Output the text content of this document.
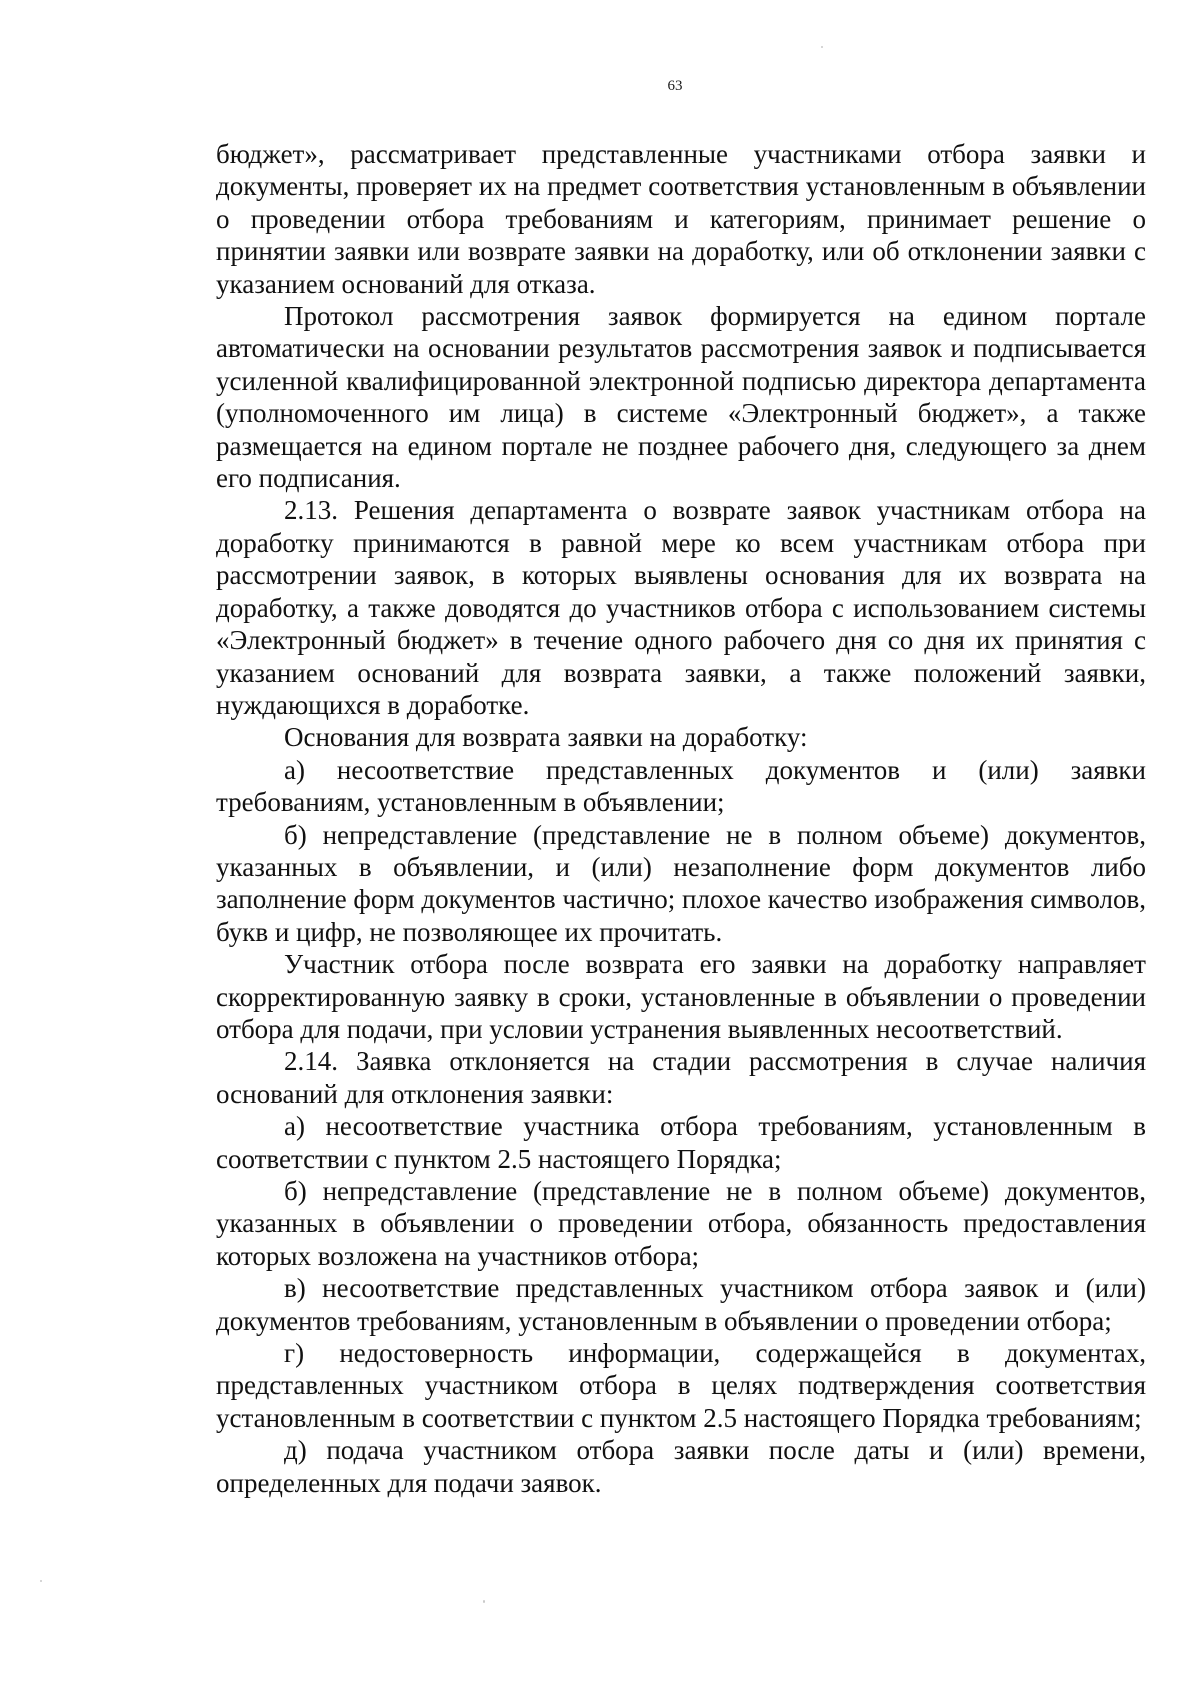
63

бюджет», рассматривает представленные участниками отбора заявки и документы, проверяет их на предмет соответствия установленным в объявлении о проведении отбора требованиям и категориям, принимает решение о принятии заявки или возврате заявки на доработку, или об отклонении заявки с указанием оснований для отказа.

Протокол рассмотрения заявок формируется на едином портале автоматически на основании результатов рассмотрения заявок и подписывается усиленной квалифицированной электронной подписью директора департамента (уполномоченного им лица) в системе «Электронный бюджет», а также размещается на едином портале не позднее рабочего дня, следующего за днем его подписания.

2.13. Решения департамента о возврате заявок участникам отбора на доработку принимаются в равной мере ко всем участникам отбора при рассмотрении заявок, в которых выявлены основания для их возврата на доработку, а также доводятся до участников отбора с использованием системы «Электронный бюджет» в течение одного рабочего дня со дня их принятия с указанием оснований для возврата заявки, а также положений заявки, нуждающихся в доработке.

Основания для возврата заявки на доработку:

а) несоответствие представленных документов и (или) заявки требованиям, установленным в объявлении;

б) непредставление (представление не в полном объеме) документов, указанных в объявлении, и (или) незаполнение форм документов либо заполнение форм документов частично; плохое качество изображения символов, букв и цифр, не позволяющее их прочитать.

Участник отбора после возврата его заявки на доработку направляет скорректированную заявку в сроки, установленные в объявлении о проведении отбора для подачи, при условии устранения выявленных несоответствий.

2.14. Заявка отклоняется на стадии рассмотрения в случае наличия оснований для отклонения заявки:

а) несоответствие участника отбора требованиям, установленным в соответствии с пунктом 2.5 настоящего Порядка;

б) непредставление (представление не в полном объеме) документов, указанных в объявлении о проведении отбора, обязанность предоставления которых возложена на участников отбора;

в) несоответствие представленных участником отбора заявок и (или) документов требованиям, установленным в объявлении о проведении отбора;

г) недостоверность информации, содержащейся в документах, представленных участником отбора в целях подтверждения соответствия установленным в соответствии с пунктом 2.5 настоящего Порядка требованиям;

д) подача участником отбора заявки после даты и (или) времени, определенных для подачи заявок.
